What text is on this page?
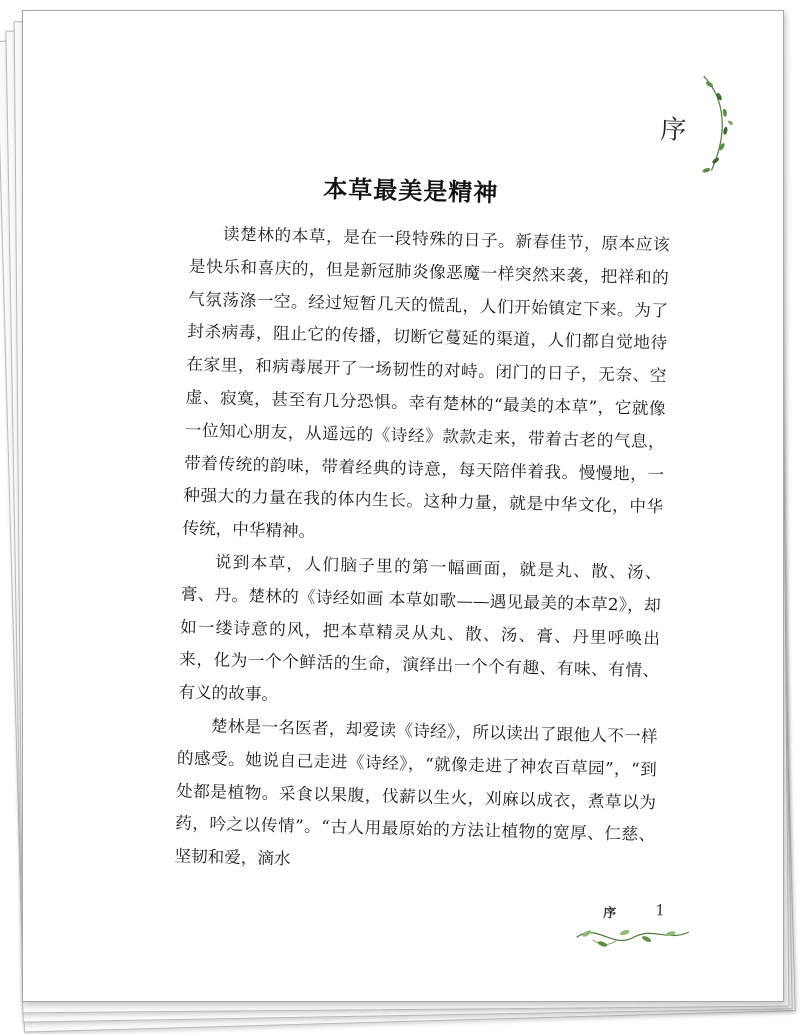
序
本草最美是精神

读楚林的本草，是在一段特殊的日子。新春佳节，原本应该是快乐和喜庆的，但是新冠肺炎像恶魔一样突然来袭，把祥和的气氛荡涤一空。经过短暂几天的慌乱，人们开始镇定下来。为了封杀病毒，阻止它的传播，切断它蔓延的渠道，人们都自觉地待在家里，和病毒展开了一场韧性的对峙。闭门的日子，无奈、空虚、寂寞，甚至有几分恐惧。幸有楚林的“最美的本草”，它就像一位知心朋友，从遥远的《诗经》款款走来，带着古老的气息，带着传统的韵味，带着经典的诗意，每天陪伴着我。慢慢地，一种强大的力量在我的体内生长。这种力量，就是中华文化，中华传统，中华精神。

说到本草，人们脑子里的第一幅画面，就是丸、散、汤、膏、丹。楚林的《诗经如画 本草如歌——遇见最美的本草2》，却如一缕诗意的风，把本草精灵从丸、散、汤、膏、丹里呼唤出来，化为一个个鲜活的生命，演绎出一个个有趣、有味、有情、有义的故事。

楚林是一名医者，却爱读《诗经》，所以读出了跟他人不一样的感受。她说自己走进《诗经》，“就像走进了神农百草园”，“到处都是植物。采食以果腹，伐薪以生火，刈麻以成衣，煮草以为药，吟之以传情”。“古人用最原始的方法让植物的宽厚、仁慈、坚韧和爱，滴水

序	1
